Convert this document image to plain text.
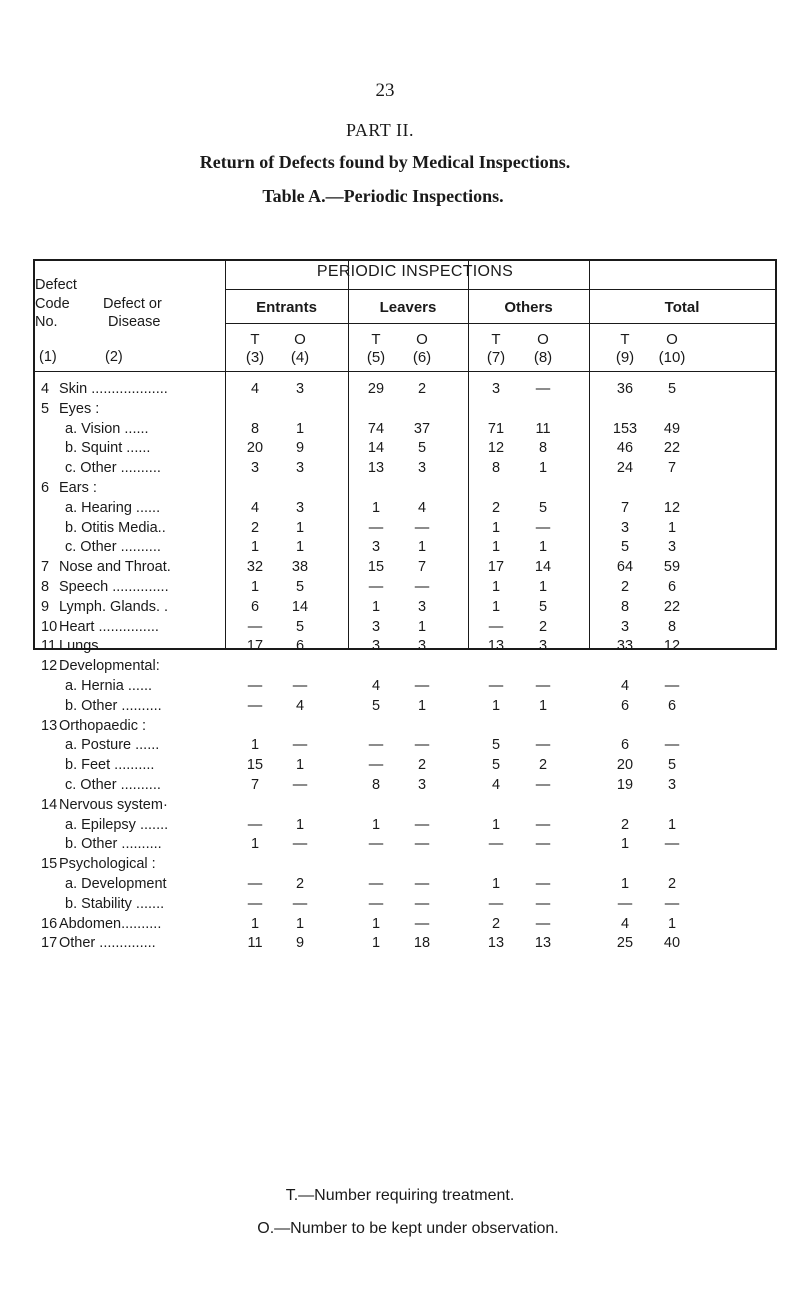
23
PART II.
Return of Defects found by Medical Inspections.
Table A.—Periodic Inspections.
PERIODIC INSPECTIONS
Defect
Code
No.
Defect or
Disease
(1)	(2)
Entrants	Leavers	Others	Total
T	O	T	O	T	O	T	O
(3)	(4)	(5)	(6)	(7)	(8)	(9)	(10)
4 Skin ...................	4	3	29	2	3	—	36	5
5 Eyes :
a. Vision ......	8	1	74	37	71	11	153	49
b. Squint ......	20	9	14	5	12	8	46	22
c. Other ..........	3	3	13	3	8	1	24	7
6 Ears :
a. Hearing ......	4	3	1	4	2	5	7	12
b. Otitis Media..	2	1	—	—	1	—	3	1
c. Other ..........	1	1	3	1	1	1	5	3
7 Nose and Throat.	32	38	15	7	17	14	64	59
8 Speech ..............	1	5	—	—	1	1	2	6
9 Lymph. Glands. .	6	14	1	3	1	5	8	22
10 Heart ...............	—	5	3	1	—	2	3	8
11 Lungs ..............	17	6	3	3	13	3	33	12
12 Developmental:
a. Hernia ......	—	—	4	—	—	—	4	—
b. Other ..........	—	4	5	1	1	1	6	6
13 Orthopaedic :
a. Posture ......	1	—	—	—	5	—	6	—
b. Feet ..........	15	1	—	2	5	2	20	5
c. Other ..........	7	—	8	3	4	—	19	3
14 Nervous system·
a. Epilepsy .......	—	1	1	—	1	—	2	1
b. Other ..........	1	—	—	—	—	—	1	—
15 Psychological :
a. Development	—	2	—	—	1	—	1	2
b. Stability .......	—	—	—	—	—	—	—	—
16 Abdomen..........	1	1	1	—	2	—	4	1
17 Other ..............	11	9	1	18	13	13	25	40
T.—Number requiring treatment.
O.—Number to be kept under observation.
